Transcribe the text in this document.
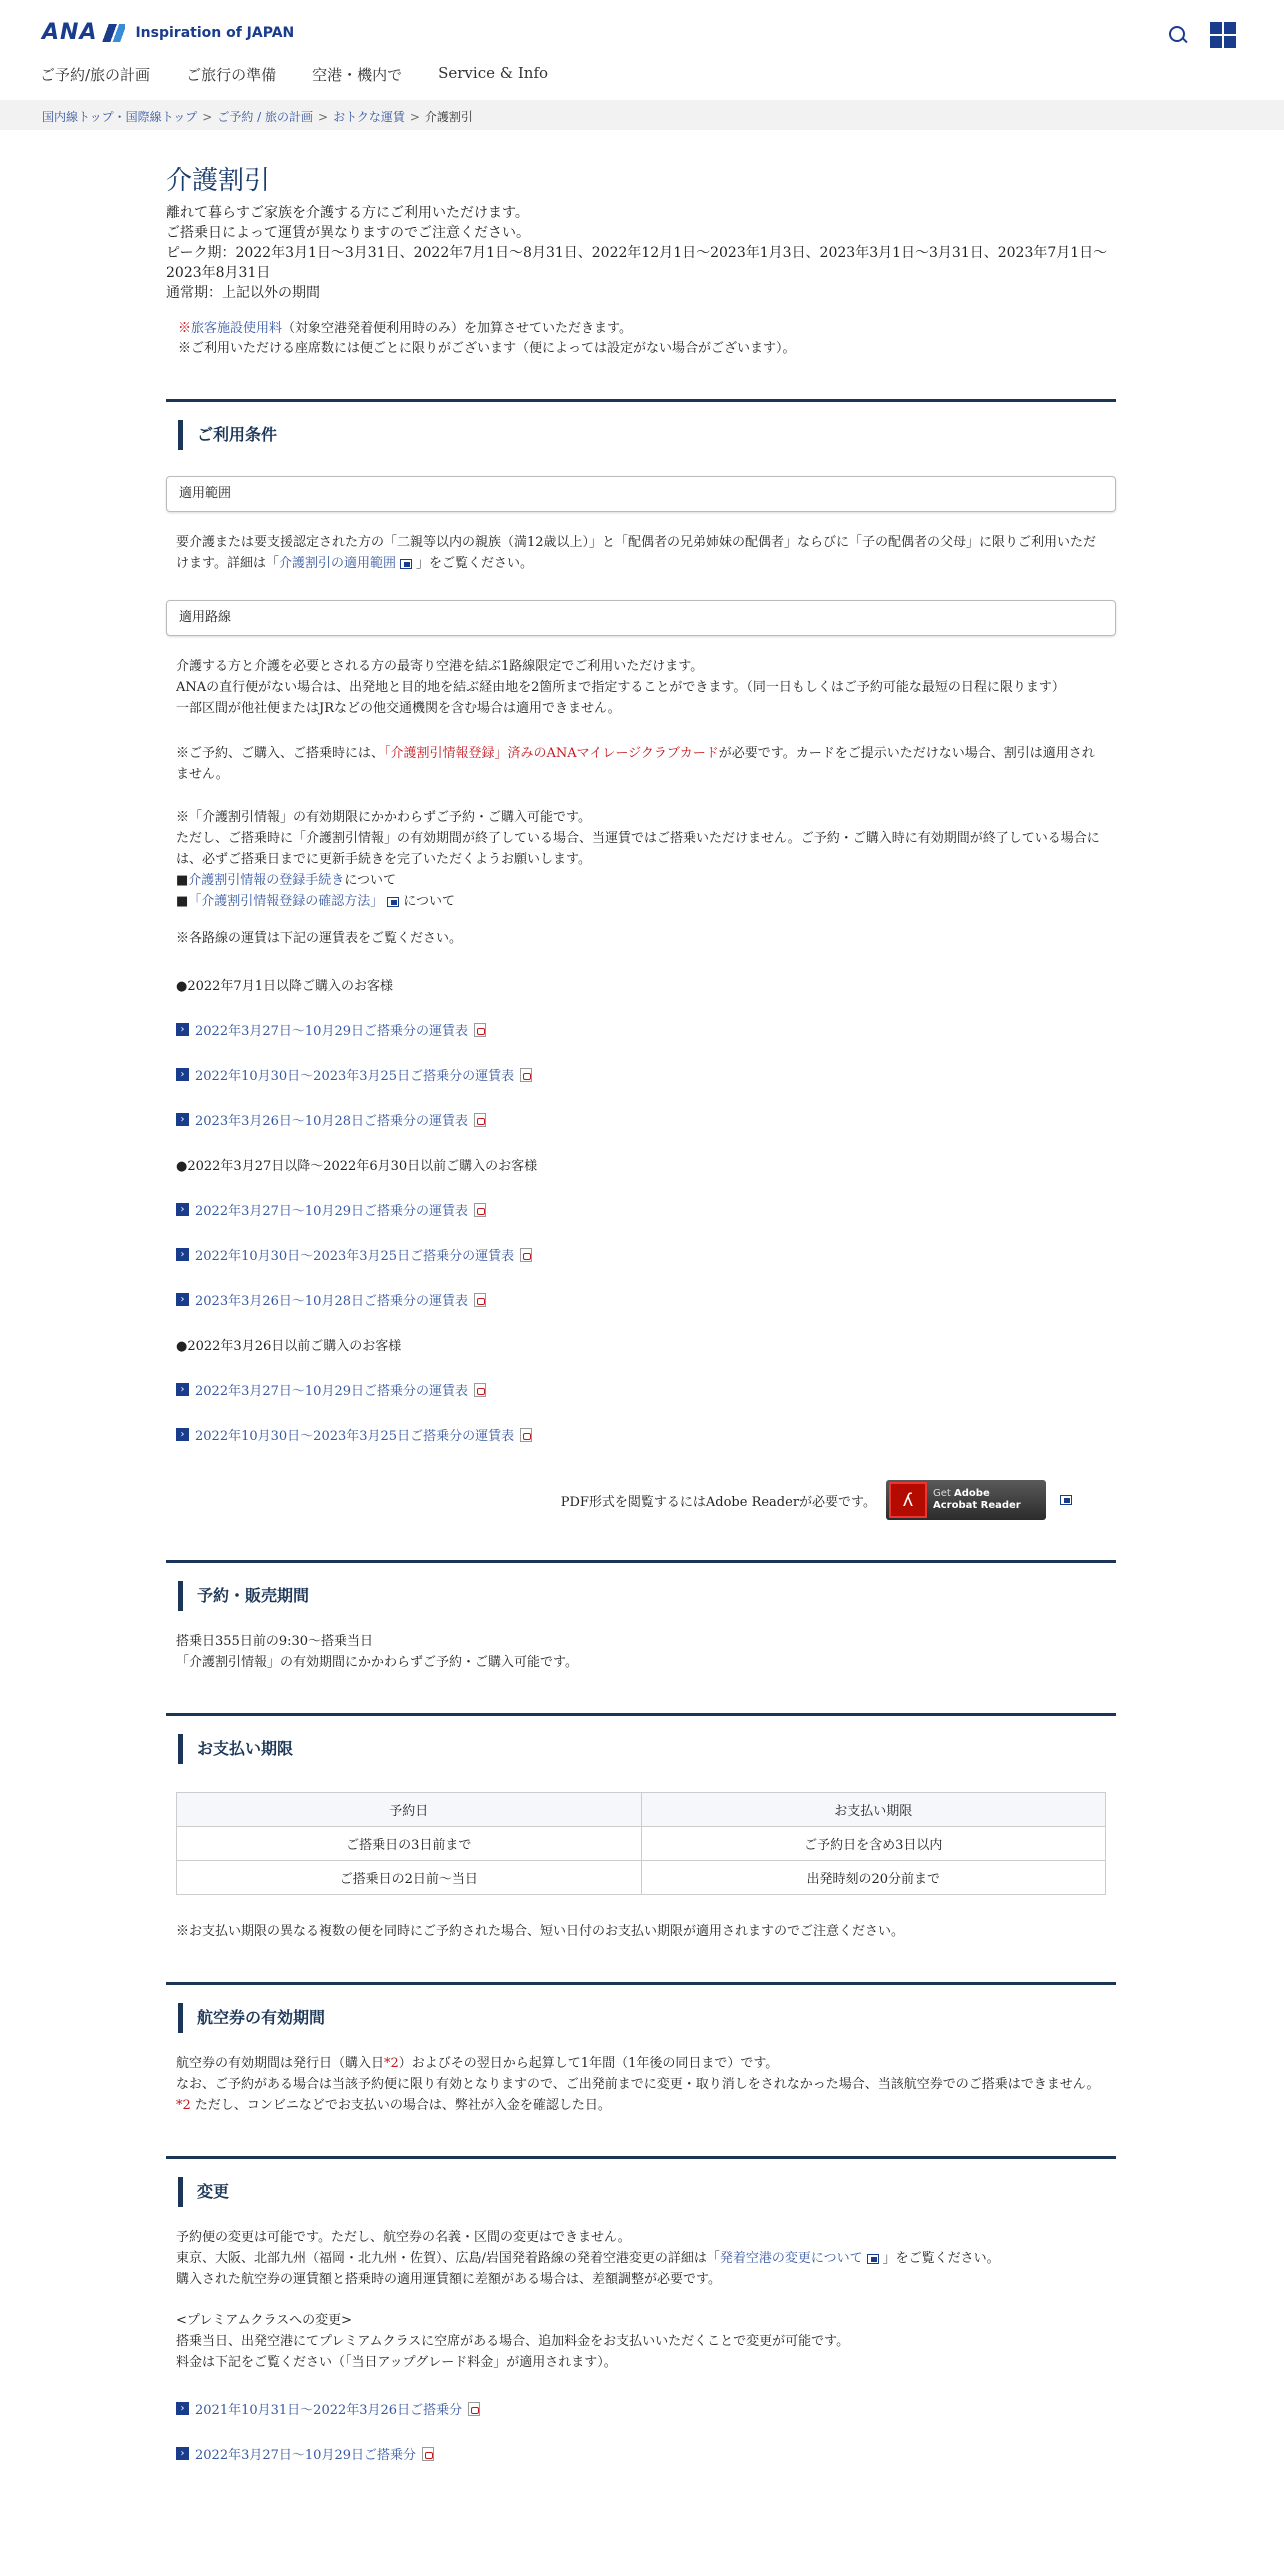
ANA	Inspiration of JAPAN
ご予約/旅の計画 ご旅行の準備 空港・機内で Service & Info
国内線トップ・国際線トップ > ご予約 / 旅の計画 > おトクな運賃 > 介護割引
介護割引

離れて暮らすご家族を介護する方にご利用いただけます。

ご搭乗日によって運賃が異なりますのでご注意ください。

ピーク期：2022年3月1日～3月31日、2022年7月1日～8月31日、2022年12月1日～2023年1月3日、2023年3月1日～3月31日、2023年7月1日～2023年8月31日

通常期：上記以外の期間

※旅客施設使用料（対象空港発着便利用時のみ）を加算させていただきます。

※ご利用いただける座席数には便ごとに限りがございます（便によっては設定がない場合がございます）。

ご利用条件
適用範囲

要介護または要支援認定された方の「二親等以内の親族（満12歳以上）」と「配偶者の兄弟姉妹の配偶者」ならびに「子の配偶者の父母」に限りご利用いただけます。詳細は「介護割引の適用範囲 」をご覧ください。

適用路線

介護する方と介護を必要とされる方の最寄り空港を結ぶ1路線限定でご利用いただけます。

ANAの直行便がない場合は、出発地と目的地を結ぶ経由地を2箇所まで指定することができます。（同一日もしくはご予約可能な最短の日程に限ります）

一部区間が他社便またはJRなどの他交通機関を含む場合は適用できません。

※ご予約、ご購入、ご搭乗時には、「介護割引情報登録」済みのANAマイレージクラブカードが必要です。カードをご提示いただけない場合、割引は適用されません。

※「介護割引情報」の有効期限にかかわらずご予約・ご購入可能です。

ただし、ご搭乗時に「介護割引情報」の有効期間が終了している場合、当運賃ではご搭乗いただけません。ご予約・ご購入時に有効期間が終了している場合には、必ずご搭乗日までに更新手続きを完了いただくようお願いします。

■介護割引情報の登録手続きについて

■「介護割引情報登録の確認方法」 について

※各路線の運賃は下記の運賃表をご覧ください。

●2022年7月1日以降ご購入のお客様

› 2022年3月27日～10月29日ご搭乗分の運賃表
› 2022年10月30日～2023年3月25日ご搭乗分の運賃表
› 2023年3月26日～10月28日ご搭乗分の運賃表

●2022年3月27日以降～2022年6月30日以前ご購入のお客様

› 2022年3月27日～10月29日ご搭乗分の運賃表
› 2022年10月30日～2023年3月25日ご搭乗分の運賃表
› 2023年3月26日～10月28日ご搭乗分の運賃表

●2022年3月26日以前ご購入のお客様

› 2022年3月27日～10月29日ご搭乗分の運賃表
› 2022年10月30日～2023年3月25日ご搭乗分の運賃表
PDF形式を閲覧するにはAdobe Readerが必要です。	ʎ	Get Adobe
Acrobat Reader
予約・販売期間

搭乗日355日前の9:30～搭乗当日

「介護割引情報」の有効期間にかかわらずご予約・ご購入可能です。

お支払い期限
予約日	お支払い期限
ご搭乗日の3日前まで	ご予約日を含め3日以内
ご搭乗日の2日前～当日	出発時刻の20分前まで

※お支払い期限の異なる複数の便を同時にご予約された場合、短い日付のお支払い期限が適用されますのでご注意ください。

航空券の有効期間

航空券の有効期間は発行日（購入日*2）およびその翌日から起算して1年間（1年後の同日まで）です。

なお、ご予約がある場合は当該予約便に限り有効となりますので、ご出発前までに変更・取り消しをされなかった場合、当該航空券でのご搭乗はできません。

*2 ただし、コンビニなどでお支払いの場合は、弊社が入金を確認した日。

変更

予約便の変更は可能です。ただし、航空券の名義・区間の変更はできません。

東京、大阪、北部九州（福岡・北九州・佐賀）、広島/岩国発着路線の発着空港変更の詳細は「発着空港の変更について 」をご覧ください。

購入された航空券の運賃額と搭乗時の適用運賃額に差額がある場合は、差額調整が必要です。

<プレミアムクラスへの変更>

搭乗当日、出発空港にてプレミアムクラスに空席がある場合、追加料金をお支払いいただくことで変更が可能です。

料金は下記をご覧ください（「当日アップグレード料金」が適用されます）。

› 2021年10月31日～2022年3月26日ご搭乗分
› 2022年3月27日～10月29日ご搭乗分
